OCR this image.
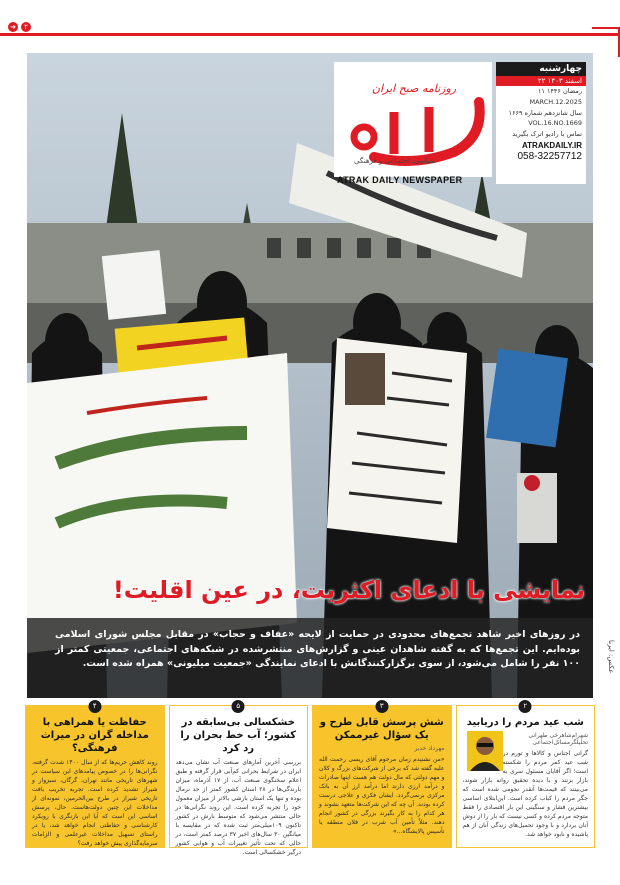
➜	۲
روزنامه صبح ایران
سیاسی، اجتماعی و فرهنگی
ATRAK DAILY NEWSPAPER
چهارشنبه
۲۲ اسفند ۱۴۰۳
۱۱ رمضان ۱۴۴۶
MARCH.12.2025
سال شانزدهم شماره ۱۶۶۹
VOL.16.NO.1669
تماس با رادیو اترک بگیرید
ATRAKDAILY.IR
058-32257712
نمایشی با ادعای اکثریت، در عین اقلیت!
در روزهای اخیر شاهد تجمع‌های محدودی در حمایت از لایحه «عفاف و حجاب» در مقابل مجلس شورای اسلامی بوده‌ایم. این تجمع‌ها که به گفته شاهدان عینی و گزارش‌های منتشرشده در شبکه‌های اجتماعی، جمعیتی کمتر از ۱۰۰ نفر را شامل می‌شود، از سوی برگزارکنندگانش با ادعای نمایندگی «جمعیت میلیونی» همراه شده است.	عکس: ایرنا
۲
شب عید مردم را دریابید
شهرام‌شاهرخی‌ طهرانی تحلیلگر‌مسائل‌اجتماعی
گرانی اجناس و کالاها و تورم در شب عید کمر مردم را شکسته است؛ اگر آقایان مسئول سری به بازار بزنند و با دیده تحقیق روانه بازار شوند، می‌بینند که قیمت‌ها آنقدر نجومی شده است که جگر مردم را کباب کرده است. این‌ابتلای اساسی بیشترین فشار و سنگینی این بار اقتصادی را فقط متوجه مردم کرده و کسی نیست که بار را از دوش آنان بردارد و با وجود تحمیل‌های زندگی آنان از هم پاشیده و نابود خواهد شد.
۳
شش پرسش قابل طرح و یک سؤال غیرممکن
مهرداد خدیر
«من نشنیدم زمان مرحوم آقای ریسی رحمت الله علیه گفته شد که برخی از شرکت‌های بزرگ و کلان و مهم دولتی که مال دولت هم هست اینها صادرات و درآمد ارزی دارند اما درآمد ارز آن به بانک مرکزی برنمی‌گردد. ایشان فکری و علاجی درست کرده بودند. آن چه که این شرکت‌ها متعهد بشوند و هر کدام را به کار بگیرند بزرگی در کشور انجام دهند. مثلاً تأمین آب شرب در فلان منطقه یا تأسیس پالایشگاه...»
۵
خشکسالی بی‌سابقه در کشور؛ آب خط بحران را رد کرد
بررسی آخرین آمارهای صنعت آب نشان می‌دهد ایران در شرایط بحرانی کم‌آبی قرار گرفته و طبق اعلام سخنگوی صنعت آب، از ۱۷ آذرماه، میزان بارندگی‌ها در ۲۸ استان کشور کمتر از حد نرمال بوده و تنها یک استان بارشی بالاتر از میزان معمول خود را تجربه کرده است. این روند نگرانی‌ها در حالی منتشر می‌شود که متوسط بارش در کشور تاکنون ۱۰۹میلی‌متر ثبت شده که در مقایسه با میانگین ۳۰ سال‌های اخیر ۳۷ درصد کمتر است، در حالی که تحت تأثیر تغییرات آب و هوایی کشور درگیر خشکسالی است.
۴
حفاظت یا همراهی با مداخله گران در میراث فرهنگی؟
روند کاهش حریم‌ها که از سال ۱۴۰۰ شدت گرفته، نگرانی‌ها را در خصوص پیامدهای این سیاست در شهرهای تاریخی مانند تهران، گرگان، سبزوار و شیراز تشدید کرده است. تجربه تخریب بافت تاریخی شیراز در طرح بین‌الحرمین، نمونه‌ای از مداخلات این چنین دولت‌هاست. حال، پرسش اساسی این است که آیا این بازنگری با رویکرد کارشناسی و حفاظتی انجام خواهد شد، یا در راستای تسهیل مداخلات غیرعلمی و الزامات سرمایه‌گذاری پیش خواهد رفت؟
